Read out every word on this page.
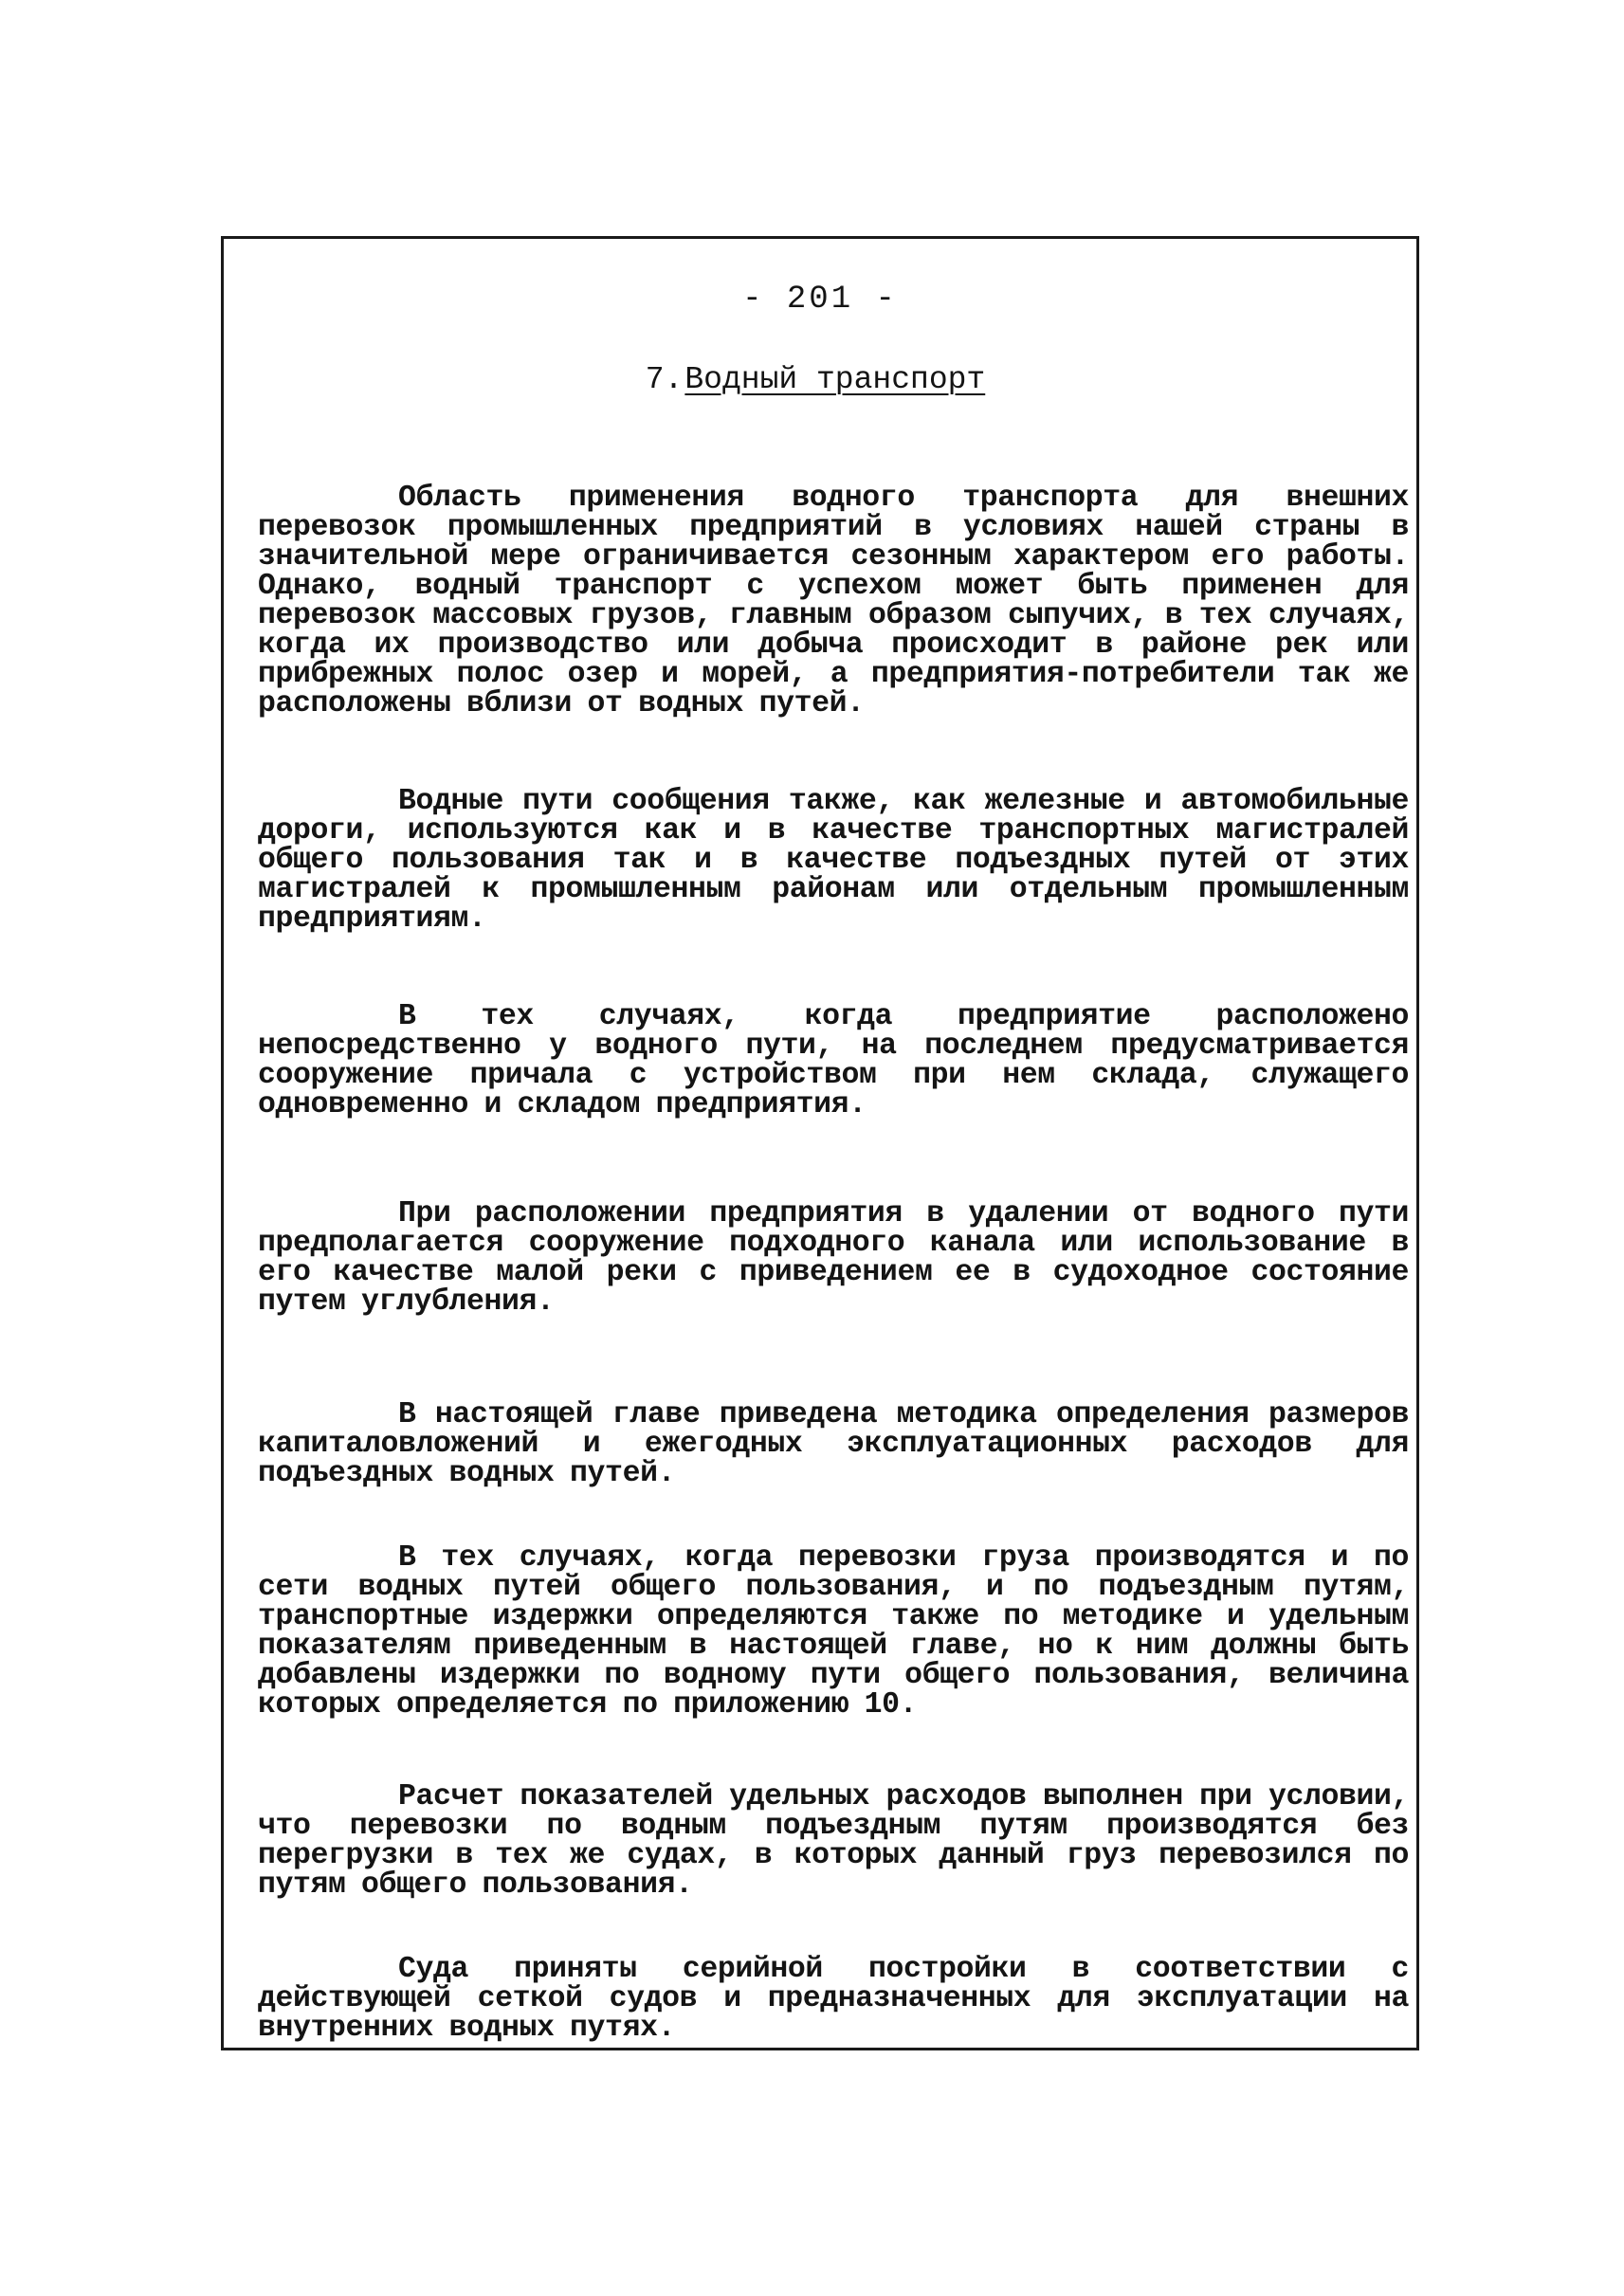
- 201 -
7.Водный транспорт

Область применения водного транспорта для внешних перевозок промышленных предприятий в условиях нашей страны в значительной мере ограничивается сезонным характером его работы. Однако, водный транспорт с успехом может быть применен для перевозок массовых грузов, главным образом сыпучих, в тех случаях, когда их производство или добыча происходит в районе рек или прибрежных полос озер и морей, а предприятия-потребители так же расположены вблизи от водных путей.

Водные пути сообщения также, как железные и автомобильные дороги, используются как и в качестве транспортных магистралей общего пользования так и в качестве подъездных путей от этих магистралей к промышленным районам или отдельным промышленным предприятиям.

В тех случаях, когда предприятие расположено непосредственно у водного пути, на последнем предусматривается сооружение причала с устройством при нем склада, служащего одновременно и складом предприятия.

При расположении предприятия в удалении от водного пути предполагается сооружение подходного канала или использование в его качестве малой реки с приведением ее в судоходное состояние путем углубления.

В настоящей главе приведена методика определения размеров капиталовложений и ежегодных эксплуатационных расходов для подъездных водных путей.

В тех случаях, когда перевозки груза производятся и по сети водных путей общего пользования, и по подъездным путям, транспортные издержки определяются также по методике и удельным показателям приведенным в настоящей главе, но к ним должны быть добавлены издержки по водному пути общего пользования, величина которых определяется по приложению 10.

Расчет показателей удельных расходов выполнен при условии, что перевозки по водным подъездным путям производятся без перегрузки в тех же судах, в которых данный груз перевозился по путям общего пользования.

Суда приняты серийной постройки в соответствии с действующей сеткой судов и предназначенных для эксплуатации на внутренних водных путях.
